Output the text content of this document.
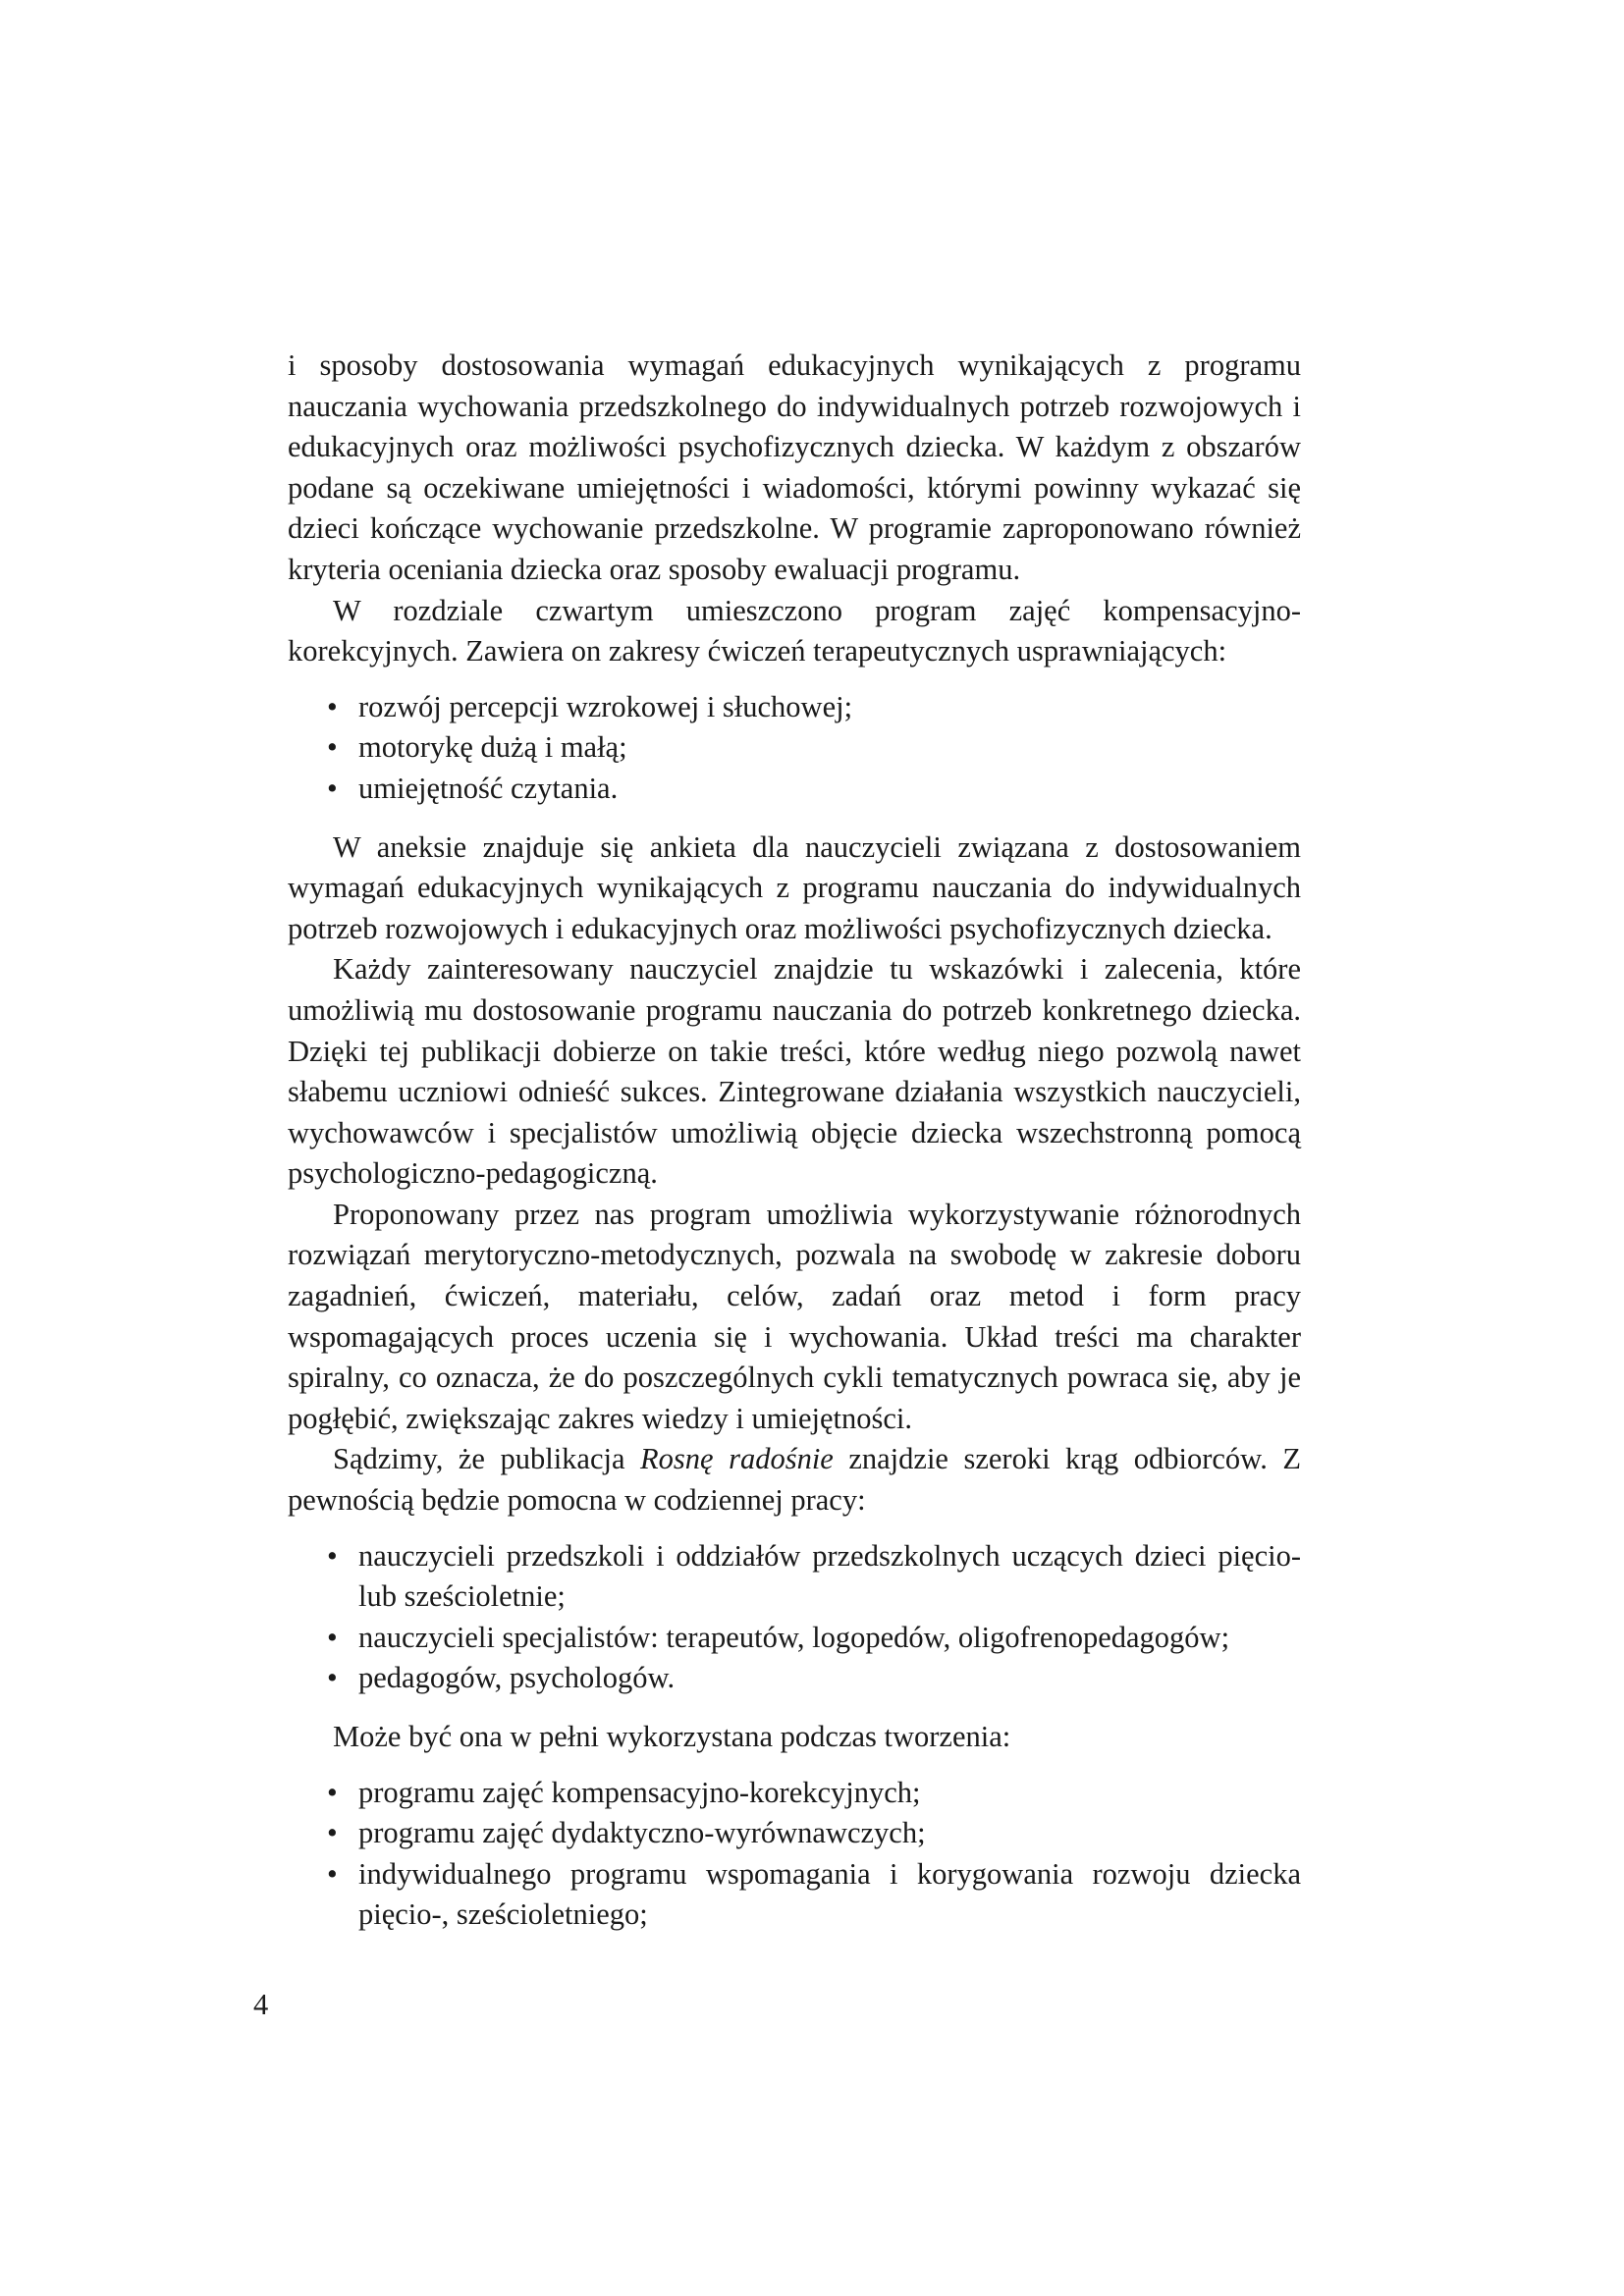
i sposoby dostosowania wymagań edukacyjnych wynikających z programu nauczania wychowania przedszkolnego do indywidualnych potrzeb rozwojowych i edukacyjnych oraz możliwości psychofizycznych dziecka. W każdym z obszarów podane są oczekiwane umiejętności i wiadomości, którymi powinny wykazać się dzieci kończące wychowanie przedszkolne. W programie zaproponowano również kryteria oceniania dziecka oraz sposoby ewaluacji programu.

W rozdziale czwartym umieszczono program zajęć kompensacyjno-korekcyjnych. Zawiera on zakresy ćwiczeń terapeutycznych usprawniających:

• rozwój percepcji wzrokowej i słuchowej;
• motorykę dużą i małą;
• umiejętność czytania.

W aneksie znajduje się ankieta dla nauczycieli związana z dostosowaniem wymagań edukacyjnych wynikających z programu nauczania do indywidualnych potrzeb rozwojowych i edukacyjnych oraz możliwości psychofizycznych dziecka.

Każdy zainteresowany nauczyciel znajdzie tu wskazówki i zalecenia, które umożliwią mu dostosowanie programu nauczania do potrzeb konkretnego dziecka. Dzięki tej publikacji dobierze on takie treści, które według niego pozwolą nawet słabemu uczniowi odnieść sukces. Zintegrowane działania wszystkich nauczycieli, wychowawców i specjalistów umożliwią objęcie dziecka wszechstronną pomocą psychologiczno-pedagogiczną.

Proponowany przez nas program umożliwia wykorzystywanie różnorodnych rozwiązań merytoryczno-metodycznych, pozwala na swobodę w zakresie doboru zagadnień, ćwiczeń, materiału, celów, zadań oraz metod i form pracy wspomagających proces uczenia się i wychowania. Układ treści ma charakter spiralny, co oznacza, że do poszczególnych cykli tematycznych powraca się, aby je pogłębić, zwiększając zakres wiedzy i umiejętności.

Sądzimy, że publikacja Rosnę radośnie znajdzie szeroki krąg odbiorców. Z pewnością będzie pomocna w codziennej pracy:

• nauczycieli przedszkoli i oddziałów przedszkolnych uczących dzieci pięcio- lub sześcioletnie;
• nauczycieli specjalistów: terapeutów, logopedów, oligofrenopedagogów;
• pedagogów, psychologów.

Może być ona w pełni wykorzystana podczas tworzenia:

• programu zajęć kompensacyjno-korekcyjnych;
• programu zajęć dydaktyczno-wyrównawczych;
• indywidualnego programu wspomagania i korygowania rozwoju dziecka pięcio-, sześcioletniego;
4
